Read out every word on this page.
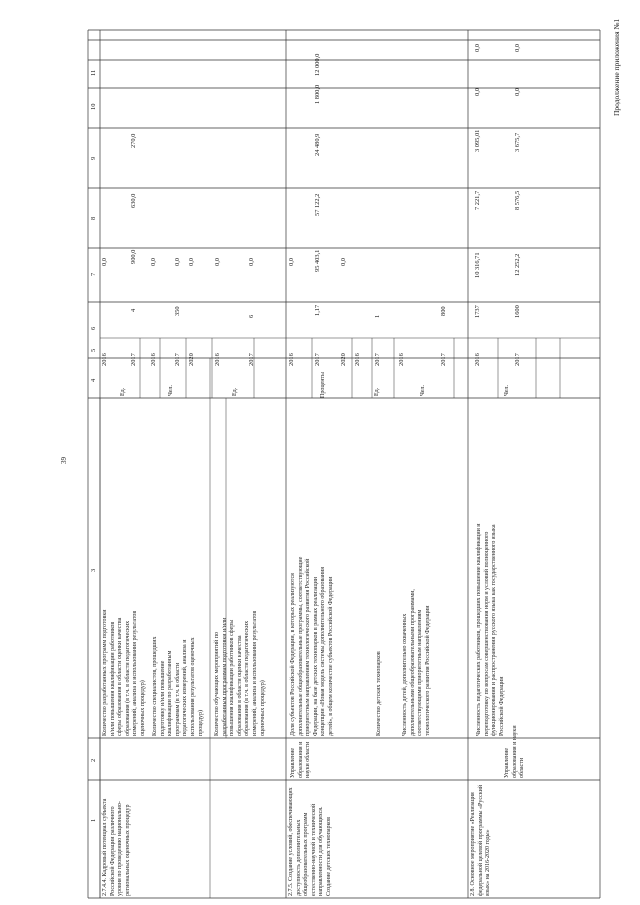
39
Продолжение приложения №1
1
2
3
4
5
6
7
8
9
10
11
2.7.4.4. Кадровый потенциал субъекта Российской Федерации различного уровня по проведению национально-региональных оценочных процедур
Количество разработанных программ подготовки и/или повышения квалификации работников сферы образования в области оценки качества образования (в т.ч. в области педагогических измерений, анализа и использования результатов оценочных процедур)
Ед.
2016
0,0
2017
4
900,0
630,0
270,0
Количество специалистов, прошедших подготовку и/или повышение квалификации по разработанным программам (в т.ч. в области педагогических измерений, анализа и использования результатов оценочных процедур)
Чел.
2016
0,0
2017
350
0,0
2020
0,0
Количество обучающих мероприятий по разработанным программам подготовки и/или повышения квалификации работников сферы образования в области оценки качества образования (в т.ч. в области педагогических измерений, анализа и использования результатов оценочных процедур)
Ед.
2016
0,0
2017
6
0,0
2.7.5. Создание условий, обеспечивающих доступность дополнительных общеобразовательных программ естественно-научной и технической направленности для обучающихся. Создание детских технопарков
Управление образования и науки области
Доля субъектов Российской Федерации, в которых реализуются дополнительные общеобразовательные программы, соответствующие приоритетным направлениям технологического развития Российской Федерации, на базе детских технопарков в рамках реализации концепции «Новая модель системы дополнительного образования детей», в общем количестве субъектов Российской Федерации
Проценты
2016
0,0
2017
1,17
95 403,1
57 122,2
24 480,9
1 800,0
12 000,0
2020
0,0
Количество детских технопарков
Ед.
2016 2017
1
Численность детей, дополнительно охваченных дополнительными общеобразовательными программами, соответствующими приоритетным направлениям технологического развития Российской Федерации
Чел.
2016	2017
800
2.8. Основное мероприятие «Реализация федеральной целевой программы «Русский язык» на 2016-2020 годы»
Управление образования и науки области
Численность педагогических работников, прошедших повышение квалификации и переподготовку по вопросам совершенствования норм и условий полноценного функционирования и распространения русского языка как государственного языка Российской Федерации
Чел.
2016
1737
10 316,71
7 221,7
3 095,01
0,0
0,0
2017
1600
12 252,2
8 576,5
3 675,7
0,0
0,0
